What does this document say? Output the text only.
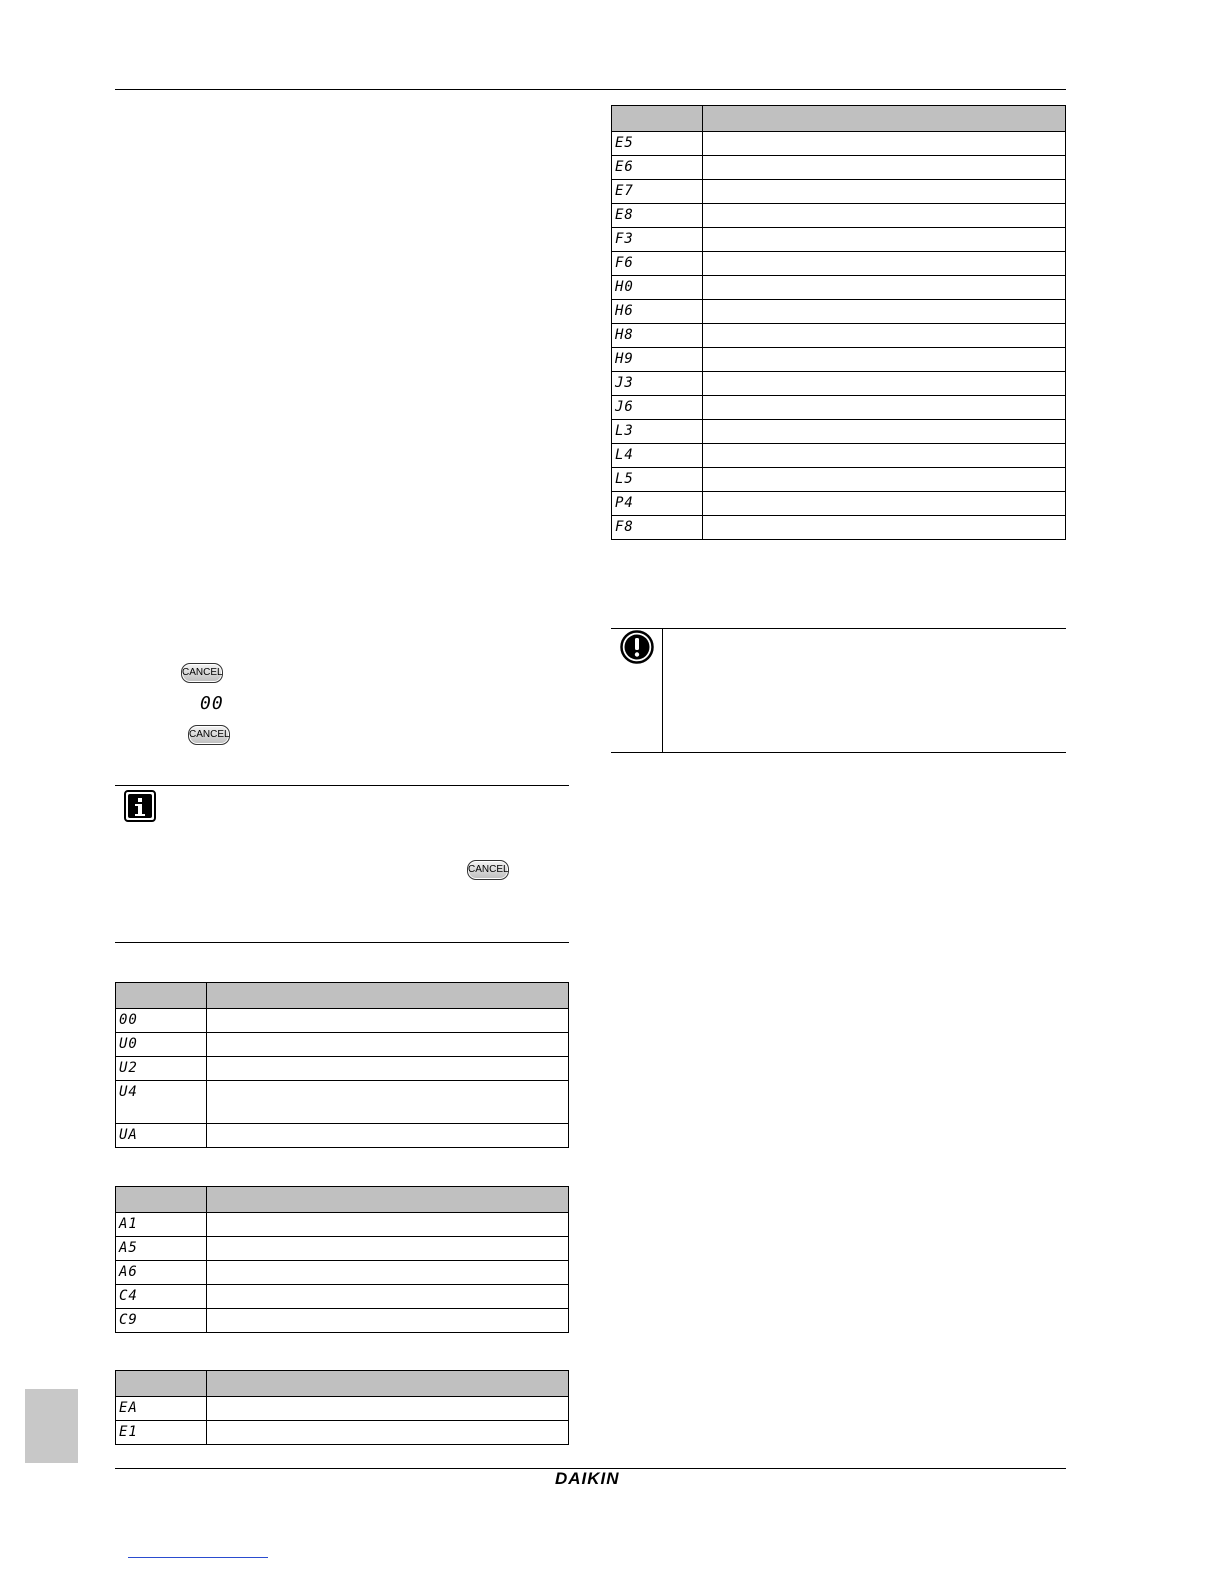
E5
E6
E7
E8
F3
F6
H0
H6
H8
H9
J3
J6
L3
L4
L5
P4
F8
CANCEL
00
CANCEL
CANCEL
00
U0
U2
U4
UA
A1
A5
A6
C4
C9
EA
E1
DAIKIN
